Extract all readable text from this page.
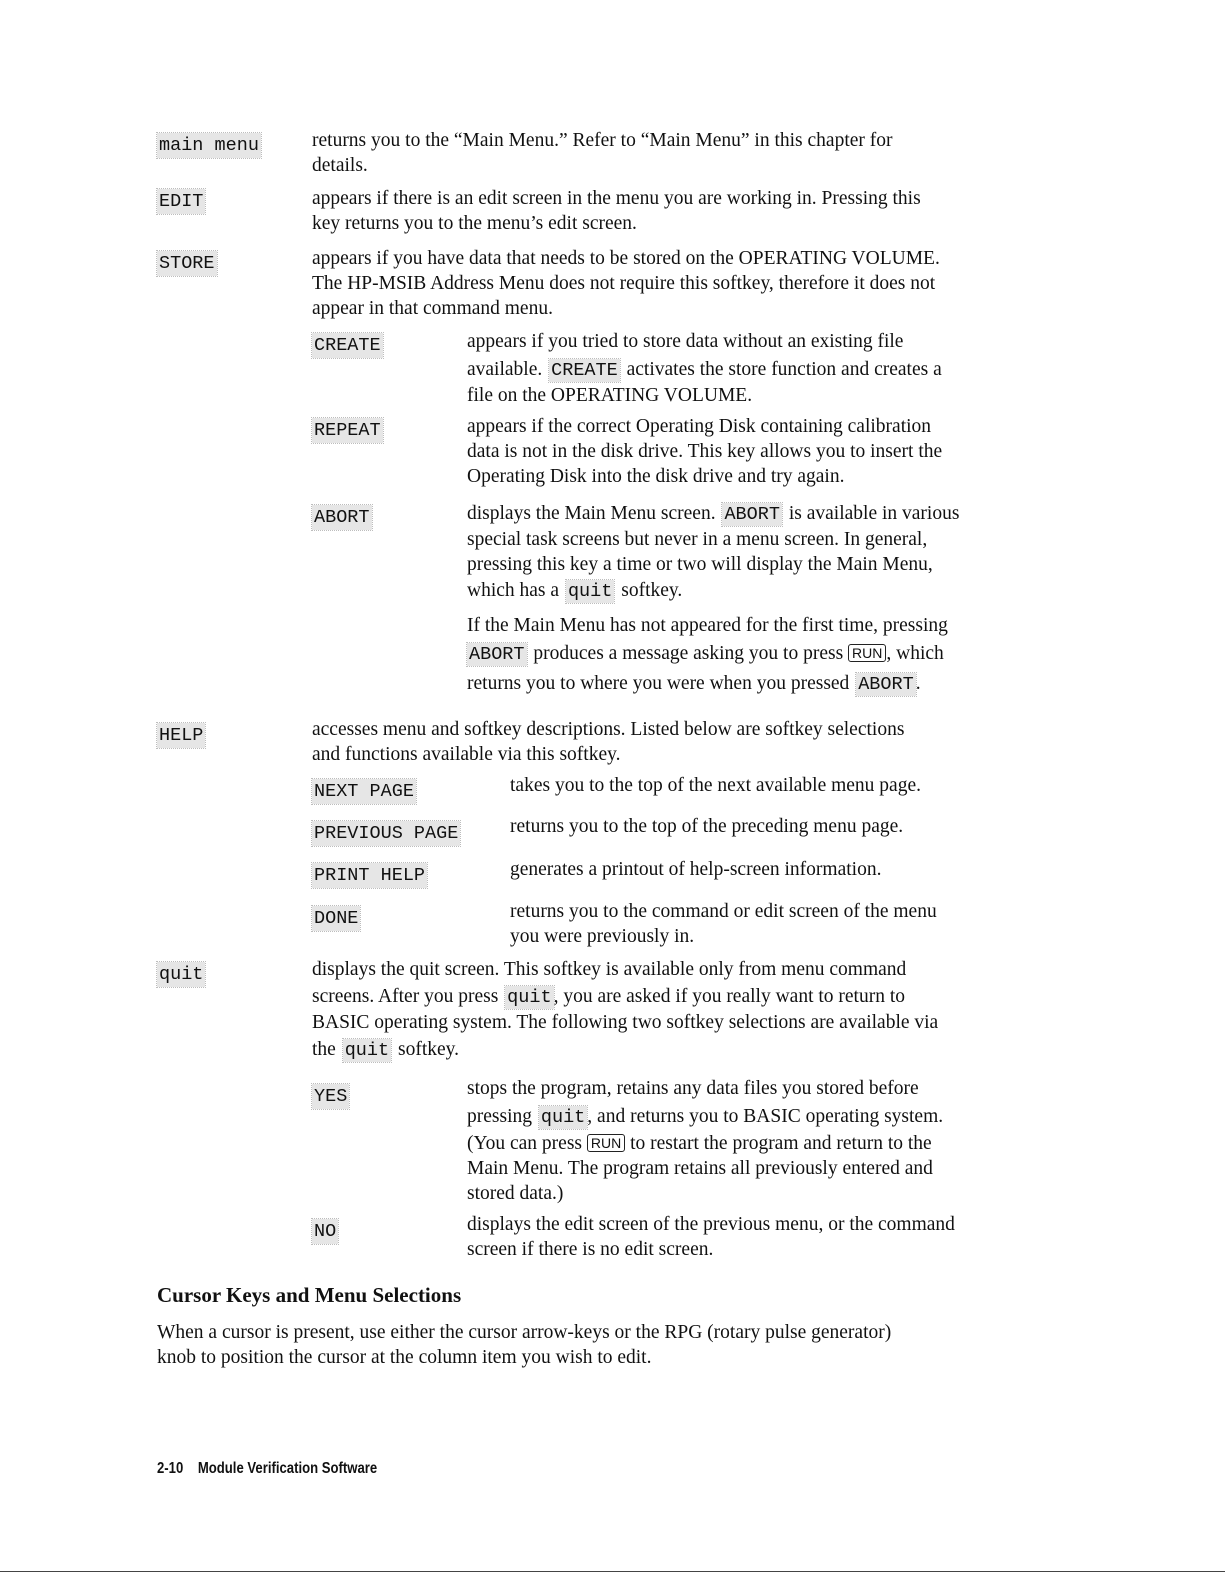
main menu	returns you to the “Main Menu.” Refer to “Main Menu” in this chapter for
details.
EDIT	appears if there is an edit screen in the menu you are working in. Pressing this
key returns you to the menu’s edit screen.
STORE	appears if you have data that needs to be stored on the OPERATING VOLUME.
The HP-MSIB Address Menu does not require this softkey, therefore it does not
appear in that command menu.
CREATE	appears if you tried to store data without an existing file
available. CREATE activates the store function and creates a
file on the OPERATING VOLUME.
REPEAT	appears if the correct Operating Disk containing calibration
data is not in the disk drive. This key allows you to insert the
Operating Disk into the disk drive and try again.
ABORT	displays the Main Menu screen. ABORT is available in various
special task screens but never in a menu screen. In general,
pressing this key a time or two will display the Main Menu,
which has a quit softkey.
If the Main Menu has not appeared for the first time, pressing
ABORT produces a message asking you to press RUN , which
returns you to where you were when you pressed ABORT .
HELP	accesses menu and softkey descriptions. Listed below are softkey selections
and functions available via this softkey.
NEXT PAGE	takes you to the top of the next available menu page.
PREVIOUS PAGE	returns you to the top of the preceding menu page.
PRINT HELP	generates a printout of help-screen information.
DONE	returns you to the command or edit screen of the menu
you were previously in.
quit	displays the quit screen. This softkey is available only from menu command
screens. After you press quit , you are asked if you really want to return to
BASIC operating system. The following two softkey selections are available via
the quit softkey.
YES	stops the program, retains any data files you stored before
pressing quit , and returns you to BASIC operating system.
(You can press RUN to restart the program and return to the
Main Menu. The program retains all previously entered and
stored data.)
NO	displays the edit screen of the previous menu, or the command
screen if there is no edit screen.
Cursor Keys and Menu Selections
When a cursor is present, use either the cursor arrow-keys or the RPG (rotary pulse generator)
knob to position the cursor at the column item you wish to edit.
2-10    Module Verification Software
